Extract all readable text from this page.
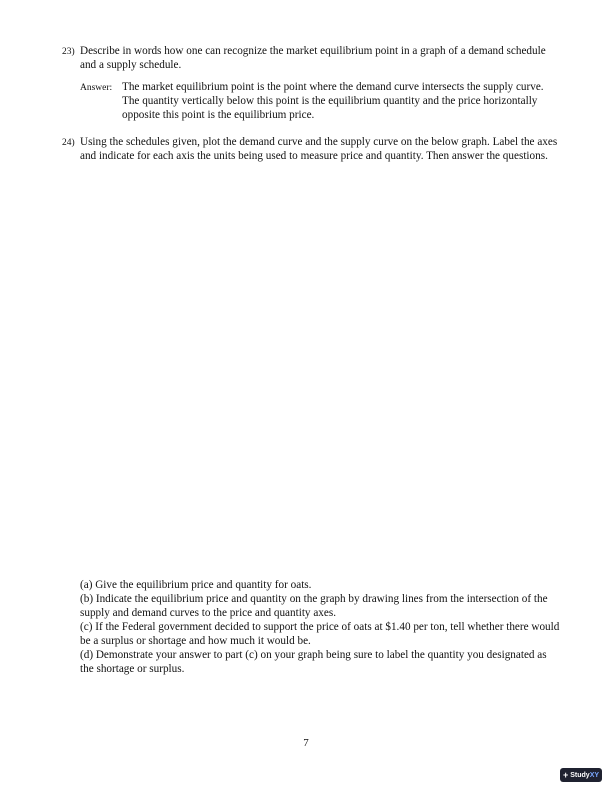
23) Describe in words how one can recognize the market equilibrium point in a graph of a demand schedule and a supply schedule.
Answer: The market equilibrium point is the point where the demand curve intersects the supply curve. The quantity vertically below this point is the equilibrium quantity and the price horizontally opposite this point is the equilibrium price.
24) Using the schedules given, plot the demand curve and the supply curve on the below graph. Label the axes and indicate for each axis the units being used to measure price and quantity. Then answer the questions.

(a) Give the equilibrium price and quantity for oats.

(b) Indicate the equilibrium price and quantity on the graph by drawing lines from the intersection of the supply and demand curves to the price and quantity axes.

(c) If the Federal government decided to support the price of oats at $1.40 per ton, tell whether there would be a surplus or shortage and how much it would be.

(d) Demonstrate your answer to part (c) on your graph being sure to label the quantity you designated as the shortage or surplus.

7
+ StudyXY
